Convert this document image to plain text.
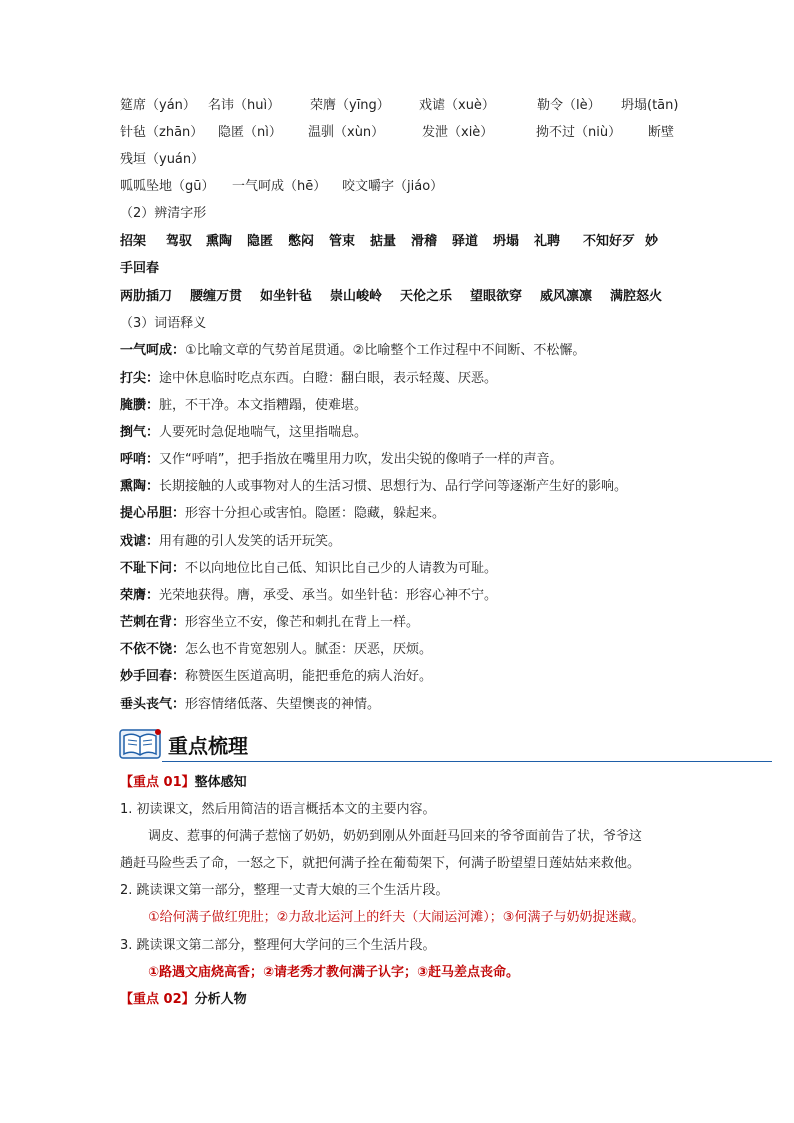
筵席（yán） 名讳（huì） 荣膺（yīng） 戏谑（xuè）	勒令（lè） 坍塌(tān)
针毡（zhān） 隐匿（nì） 温驯（xùn）	发泄（xiè）	拗不过（niù） 断壁
残垣（yuán）
呱呱坠地（gū） 一气呵成（hē） 咬文嚼字（jiáo）
（2）辨清字形
招架 驾驭 熏陶 隐匿 憋闷 管束 掂量 滑稽 驿道 坍塌 礼聘 不知好歹 妙
手回春
两肋插刀 腰缠万贯 如坐针毡 崇山峻岭 天伦之乐 望眼欲穿 威风凛凛 满腔怒火
（3）词语释义
一气呵成：①比喻文章的气势首尾贯通。②比喻整个工作过程中不间断、不松懈。
打尖：途中休息临时吃点东西。白瞪：翻白眼，表示轻蔑、厌恶。
腌臜：脏，不干净。本文指糟蹋，使难堪。
捯气：人要死时急促地喘气，这里指喘息。
呼哨：又作“呼哨”，把手指放在嘴里用力吹，发出尖锐的像哨子一样的声音。
熏陶：长期接触的人或事物对人的生活习惯、思想行为、品行学问等逐渐产生好的影响。
提心吊胆：形容十分担心或害怕。隐匿：隐藏，躲起来。
戏谑：用有趣的引人发笑的话开玩笑。
不耻下问：不以向地位比自己低、知识比自己少的人请教为可耻。
荣膺：光荣地获得。膺，承受、承当。如坐针毡：形容心神不宁。
芒刺在背：形容坐立不安，像芒和刺扎在背上一样。
不依不饶：怎么也不肯宽恕别人。腻歪：厌恶，厌烦。
妙手回春：称赞医生医道高明，能把垂危的病人治好。
垂头丧气：形容情绪低落、失望懊丧的神情。
重点梳理
【重点 01】整体感知
1. 初读课文，然后用简洁的语言概括本文的主要内容。
调皮、惹事的何满子惹恼了奶奶，奶奶到刚从外面赶马回来的爷爷面前告了状，爷爷这
趟赶马险些丢了命，一怒之下，就把何满子拴在葡萄架下，何满子盼望望日莲姑姑来救他。
2. 跳读课文第一部分，整理一丈青大娘的三个生活片段。
①给何满子做红兜肚；②力敌北运河上的纤夫（大闹运河滩）；③何满子与奶奶捉迷藏。
3. 跳读课文第二部分，整理何大学问的三个生活片段。
①路遇文庙烧高香；②请老秀才教何满子认字；③赶马差点丧命。
【重点 02】分析人物
